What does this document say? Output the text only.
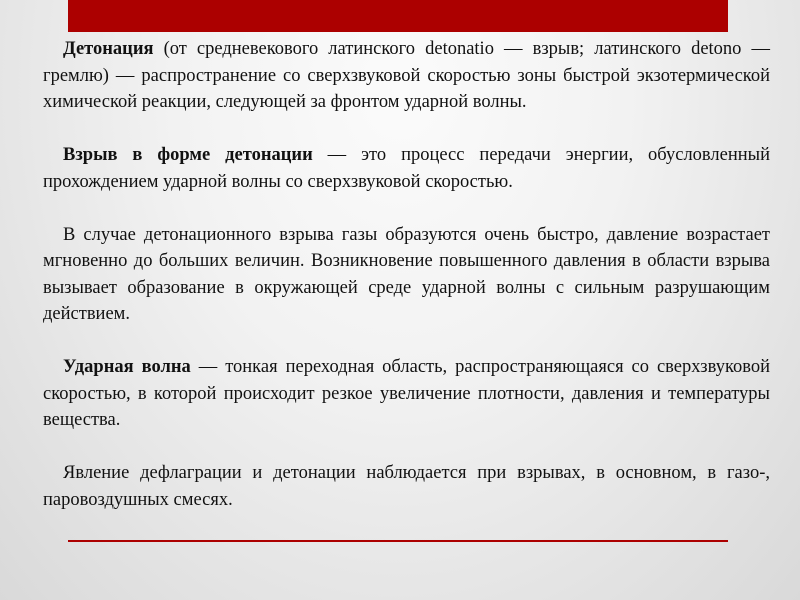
Детонация (от средневекового латинского detonatio — взрыв; латинского detono — гремлю) — распространение со сверхзвуковой скоростью зоны быстрой экзотермической химической реакции, следующей за фронтом ударной волны.

Взрыв в форме детонации — это процесс передачи энергии, обусловленный прохождением ударной волны со сверхзвуковой скоростью.

В случае детонационного взрыва газы образуются очень быстро, давление возрастает мгновенно до больших величин. Возникновение повышенного давления в области взрыва вызывает образование в окружающей среде ударной волны с сильным разрушающим действием.

Ударная волна — тонкая переходная область, распространяющаяся со сверхзвуковой скоростью, в которой происходит резкое увеличение плотности, давления и температуры вещества.

Явление дефлаграции и детонации наблюдается при взрывах, в основном, в газо-, паровоздушных смесях.
